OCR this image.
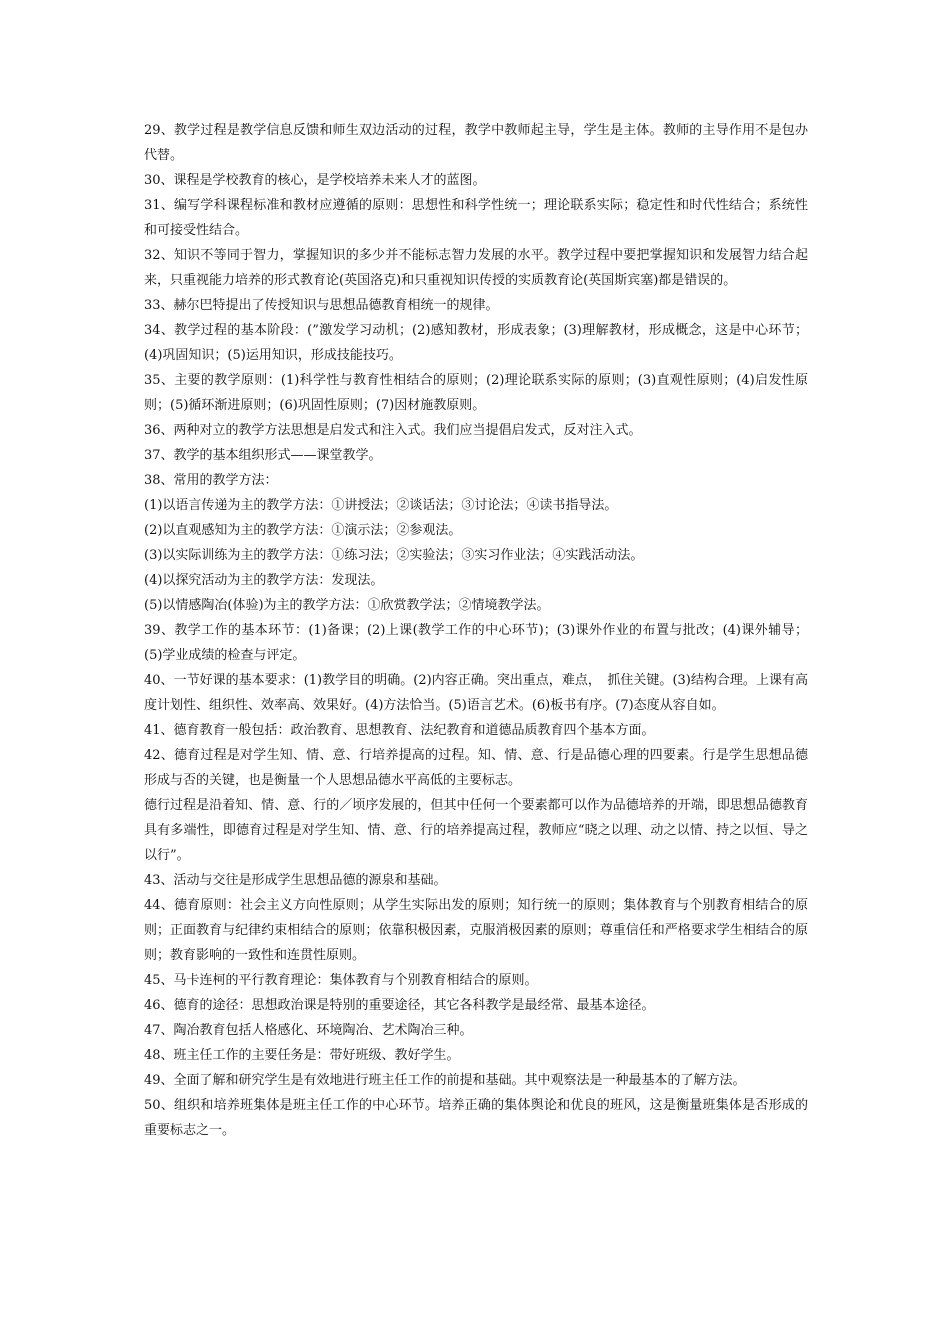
29、教学过程是教学信息反馈和师生双边活动的过程，教学中教师起主导，学生是主体。教师的主导作用不是包办代替。

30、课程是学校教育的核心，是学校培养未来人才的蓝图。

31、编写学科课程标准和教材应遵循的原则：思想性和科学性统一；理论联系实际；稳定性和时代性结合；系统性和可接受性结合。

32、知识不等同于智力，掌握知识的多少并不能标志智力发展的水平。教学过程中要把掌握知识和发展智力结合起来，只重视能力培养的形式教育论(英国洛克)和只重视知识传授的实质教育论(英国斯宾塞)都是错误的。

33、赫尔巴特提出了传授知识与思想品德教育相统一的规律。

34、教学过程的基本阶段：(”激发学习动机；(2)感知教材，形成表象；(3)理解教材，形成概念，这是中心环节；(4)巩固知识；(5)运用知识，形成技能技巧。

35、主要的教学原则：(1)科学性与教育性相结合的原则；(2)理论联系实际的原则；(3)直观性原则；(4)启发性原则；(5)循环渐进原则；(6)巩固性原则；(7)因材施教原则。

36、两种对立的教学方法思想是启发式和注入式。我们应当提倡启发式，反对注入式。

37、教学的基本组织形式——课堂教学。

38、常用的教学方法：

(1)以语言传递为主的教学方法：①讲授法；②谈话法；③讨论法；④读书指导法。

(2)以直观感知为主的教学方法：①演示法；②参观法。

(3)以实际训练为主的教学方法：①练习法；②实验法；③实习作业法；④实践活动法。

(4)以探究活动为主的教学方法：发现法。

(5)以情感陶冶(体验)为主的教学方法：①欣赏教学法；②情境教学法。

39、教学工作的基本环节：(1)备课；(2)上课(教学工作的中心环节)；(3)课外作业的布置与批改；(4)课外辅导；(5)学业成绩的检查与评定。

40、一节好课的基本要求：(1)教学目的明确。(2)内容正确。突出重点，难点，　抓住关键。(3)结构合理。上课有高度计划性、组织性、效率高、效果好。(4)方法恰当。(5)语言艺术。(6)板书有序。(7)态度从容自如。

41、德育教育一般包括：政治教育、思想教育、法纪教育和道德品质教育四个基本方面。

42、德育过程是对学生知、情、意、行培养提高的过程。知、情、意、行是品德心理的四要素。行是学生思想品德形成与否的关键，也是衡量一个人思想品德水平高低的主要标志。

德行过程是沿着知、情、意、行的／顷序发展的，但其中任何一个要素都可以作为品德培养的开端，即思想品德教育具有多端性，即德育过程是对学生知、情、意、行的培养提高过程，教师应“晓之以理、动之以情、持之以恒、导之以行”。

43、活动与交往是形成学生思想品德的源泉和基础。

44、德育原则：社会主义方向性原则；从学生实际出发的原则；知行统一的原则；集体教育与个别教育相结合的原则；正面教育与纪律约束相结合的原则；依靠积极因素，克服消极因素的原则；尊重信任和严格要求学生相结合的原则；教育影响的一致性和连贯性原则。

45、马卡连柯的平行教育理论：集体教育与个别教育相结合的原则。

46、德育的途径：思想政治课是特别的重要途径，其它各科教学是最经常、最基本途径。

47、陶冶教育包括人格感化、环境陶冶、艺术陶冶三种。

48、班主任工作的主要任务是：带好班级、教好学生。

49、全面了解和研究学生是有效地进行班主任工作的前提和基础。其中观察法是一种最基本的了解方法。

50、组织和培养班集体是班主任工作的中心环节。培养正确的集体舆论和优良的班风，这是衡量班集体是否形成的重要标志之一。
